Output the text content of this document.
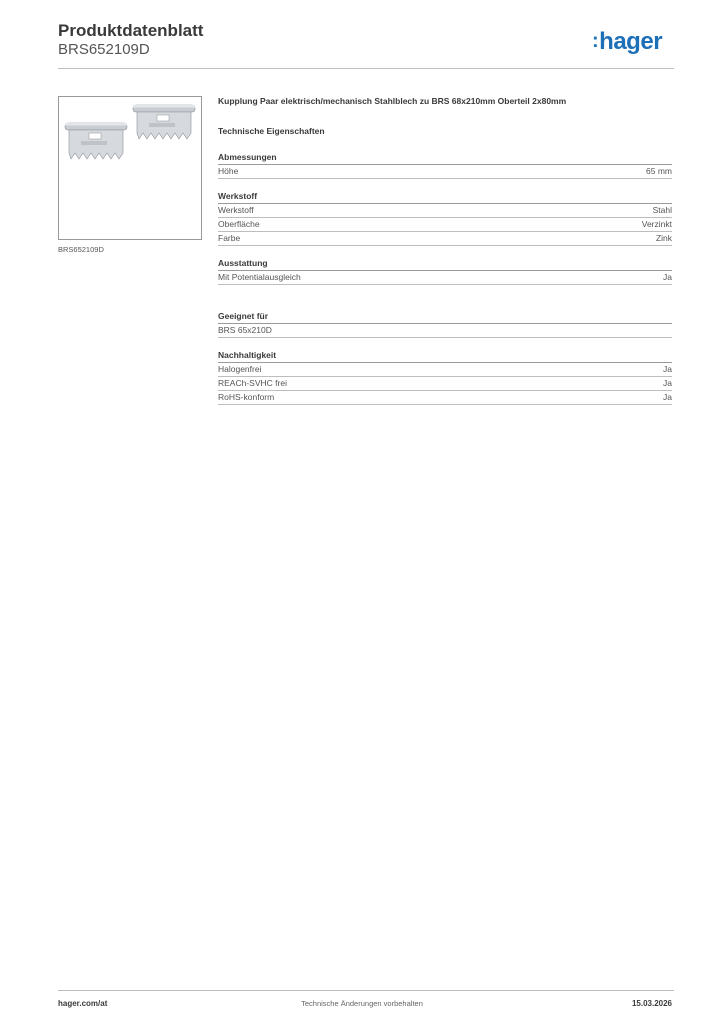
Produktdatenblatt
BRS652109D	:hager
BRS652109D
Kupplung Paar elektrisch/mechanisch Stahlblech zu BRS 68x210mm Oberteil 2x80mm
Technische Eigenschaften
Abmessungen
Höhe	65 mm
Werkstoff
Werkstoff	Stahl
Oberfläche	Verzinkt
Farbe	Zink
Ausstattung
Mit Potentialausgleich	Ja
Geeignet für
BRS 65x210D
Nachhaltigkeit
Halogenfrei	Ja
REACh-SVHC frei	Ja
RoHS-konform	Ja
hager.com/at	Technische Änderungen vorbehalten	15.03.2026
